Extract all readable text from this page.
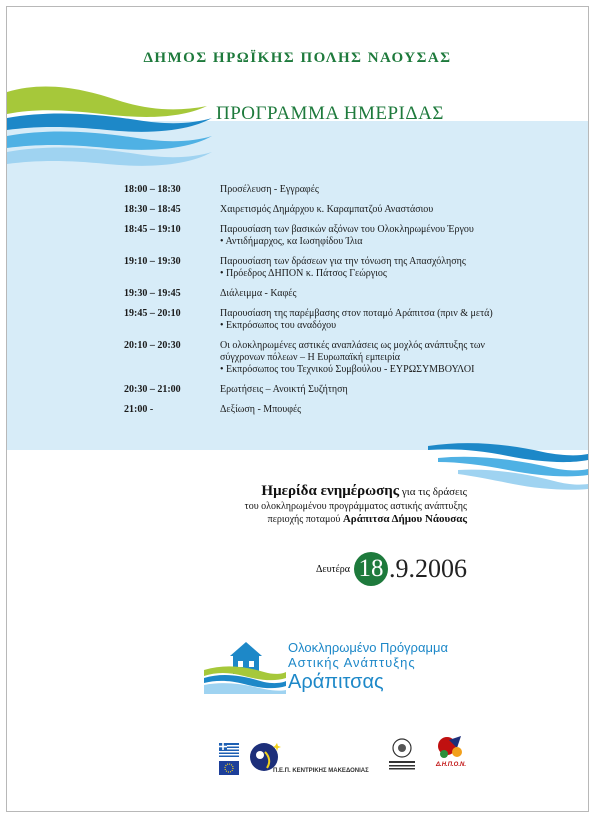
ΔΗΜΟΣ ΗΡΩΪΚΗΣ ΠΟΛΗΣ ΝΑΟΥΣΑΣ
ΠΡΟΓΡΑΜΜΑ ΗΜΕΡΙΔΑΣ
18:00 – 18:30	Προσέλευση - Εγγραφές
18:30 – 18:45	Χαιρετισμός Δημάρχου κ. Καραμπατζού Αναστάσιου
18:45 – 19:10	Παρουσίαση των βασικών αξόνων του Ολοκληρωμένου Έργου
• Αντιδήμαρχος, κα Ιωσηφίδου Ίλια
19:10 – 19:30	Παρουσίαση των δράσεων για την τόνωση της Απασχόλησης
• Πρόεδρος ΔΗΠΟΝ κ. Πάτσος Γεώργιος
19:30 – 19:45	Διάλειμμα - Καφές
19:45 – 20:10	Παρουσίαση της παρέμβασης στον ποταμό Αράπιτσα (πριν & μετά)
• Εκπρόσωπος του αναδόχου
20:10 – 20:30	Οι ολοκληρωμένες αστικές αναπλάσεις ως μοχλός ανάπτυξης των
σύγχρονων πόλεων – Η Ευρωπαϊκή εμπειρία
• Εκπρόσωπος του Τεχνικού Συμβούλου - ΕΥΡΩΣΥΜΒΟΥΛΟΙ
20:30 – 21:00	Ερωτήσεις – Ανοικτή Συζήτηση
21:00 -	Δεξίωση - Μπουφές
Ημερίδα ενημέρωσης για τις δράσεις
του ολοκληρωμένου προγράμματος αστικής ανάπτυξης
περιοχής ποταμού Αράπιτσα Δήμου Νάουσας
Δευτέρα 18 .9.2006
Ολοκληρωμένο Πρόγραμμα
Αστικής Ανάπτυξης
Αράπιτσας
Π.Ε.Π. ΚΕΝΤΡΙΚΗΣ ΜΑΚΕΔΟΝΙΑΣ
Δ.Η.Π.Ο.Ν.
